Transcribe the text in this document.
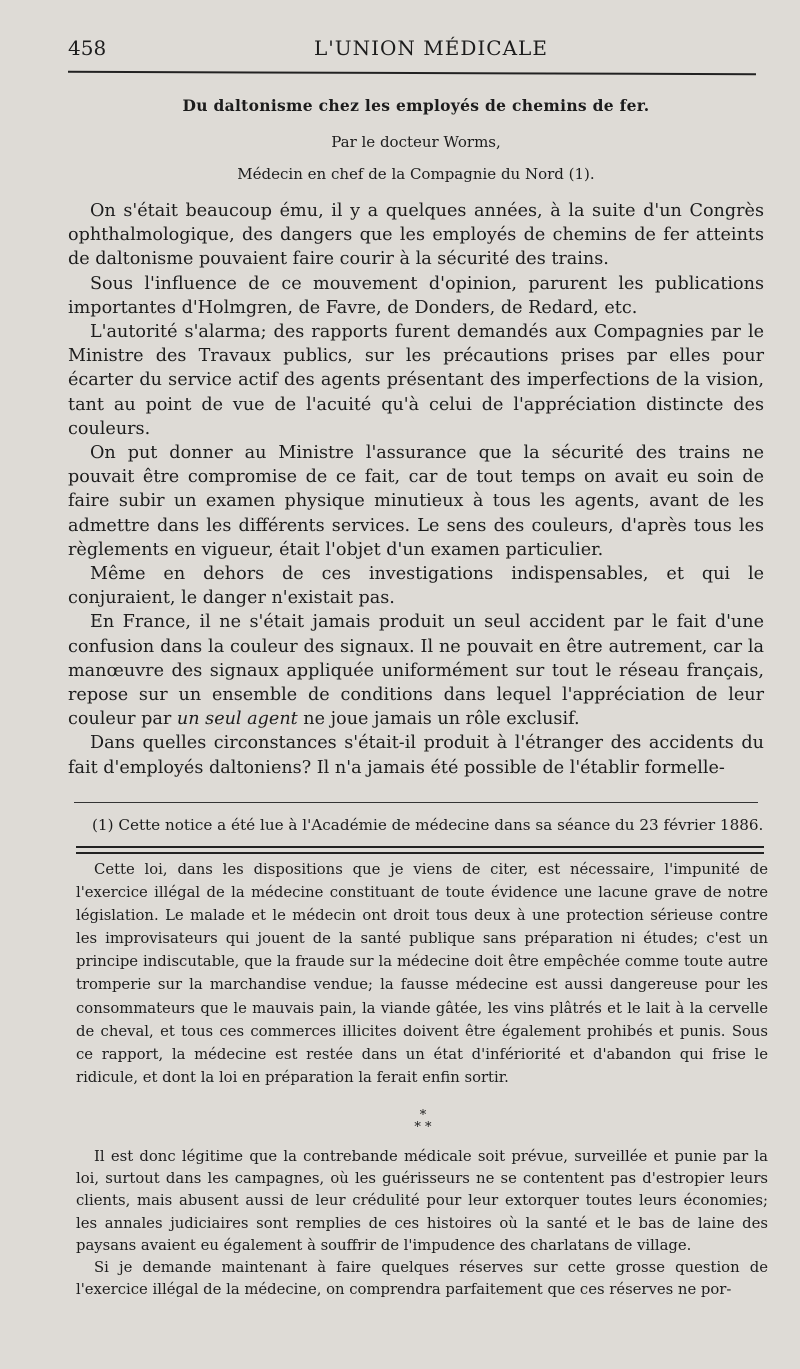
458	L'UNION MÉDICALE
Du daltonisme chez les employés de chemins de fer.
Par le docteur Worms,
Médecin en chef de la Compagnie du Nord (1).

On s'était beaucoup ému, il y a quelques années, à la suite d'un Congrès ophthalmologique, des dangers que les employés de chemins de fer atteints de daltonisme pouvaient faire courir à la sécurité des trains.

Sous l'influence de ce mouvement d'opinion, parurent les publications importantes d'Holmgren, de Favre, de Donders, de Redard, etc.

L'autorité s'alarma; des rapports furent demandés aux Compagnies par le Ministre des Travaux publics, sur les précautions prises par elles pour écarter du service actif des agents présentant des imperfections de la vision, tant au point de vue de l'acuité qu'à celui de l'appréciation distincte des couleurs.

On put donner au Ministre l'assurance que la sécurité des trains ne pouvait être compromise de ce fait, car de tout temps on avait eu soin de faire subir un examen physique minutieux à tous les agents, avant de les admettre dans les différents services. Le sens des couleurs, d'après tous les règlements en vigueur, était l'objet d'un examen particulier.

Même en dehors de ces investigations indispensables, et qui le conjuraient, le danger n'existait pas.

En France, il ne s'était jamais produit un seul accident par le fait d'une confusion dans la couleur des signaux. Il ne pouvait en être autrement, car la manœuvre des signaux appliquée uniformément sur tout le réseau français, repose sur un ensemble de conditions dans lequel l'appréciation de leur couleur par un seul agent ne joue jamais un rôle exclusif.

Dans quelles circonstances s'était-il produit à l'étranger des accidents du fait d'employés daltoniens? Il n'a jamais été possible de l'établir formelle-

(1) Cette notice a été lue à l'Académie de médecine dans sa séance du 23 février 1886.

Cette loi, dans les dispositions que je viens de citer, est nécessaire, l'impunité de l'exercice illégal de la médecine constituant de toute évidence une lacune grave de notre législation. Le malade et le médecin ont droit tous deux à une protection sérieuse contre les improvisateurs qui jouent de la santé publique sans préparation ni études; c'est un principe indiscutable, que la fraude sur la médecine doit être empêchée comme toute autre tromperie sur la marchandise vendue; la fausse médecine est aussi dangereuse pour les consommateurs que le mauvais pain, la viande gâtée, les vins plâtrés et le lait à la cervelle de cheval, et tous ces commerces illicites doivent être également prohibés et punis. Sous ce rapport, la médecine est restée dans un état d'infériorité et d'abandon qui frise le ridicule, et dont la loi en préparation la ferait enfin sortir.

*
* *

Il est donc légitime que la contrebande médicale soit prévue, surveillée et punie par la loi, surtout dans les campagnes, où les guérisseurs ne se contentent pas d'estropier leurs clients, mais abusent aussi de leur crédulité pour leur extorquer toutes leurs économies; les annales judiciaires sont remplies de ces histoires où la santé et le bas de laine des paysans avaient eu également à souffrir de l'impudence des charlatans de village.

Si je demande maintenant à faire quelques réserves sur cette grosse question de l'exercice illégal de la médecine, on comprendra parfaitement que ces réserves ne por-
